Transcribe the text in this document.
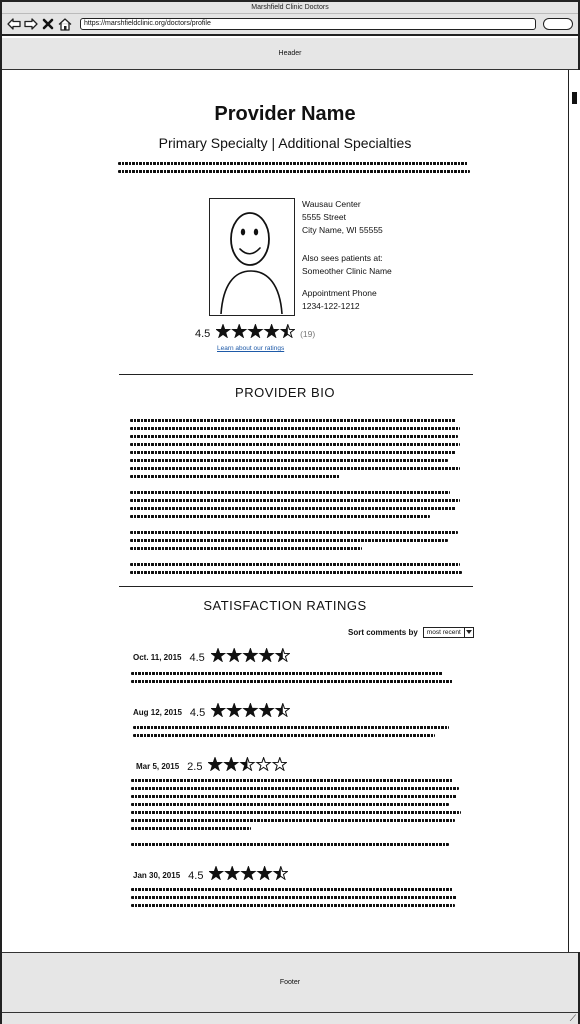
Marshfield Clinic Doctors
https://marshfieldclinic.org/doctors/profile
Header
Provider Name
Primary Specialty | Additional Specialties
Wausau Center
5555 Street
City Name, WI 55555
Also sees patients at:
Someother Clinic Name
Appointment Phone
1234-122-1212
4.5	(19)
Learn about our ratings
PROVIDER BIO
SATISFACTION RATINGS
Sort comments by	most recent
Oct. 11, 2015 4.5
Aug 12, 2015 4.5
Mar 5, 2015 2.5
Jan 30, 2015 4.5
Footer
⟋
